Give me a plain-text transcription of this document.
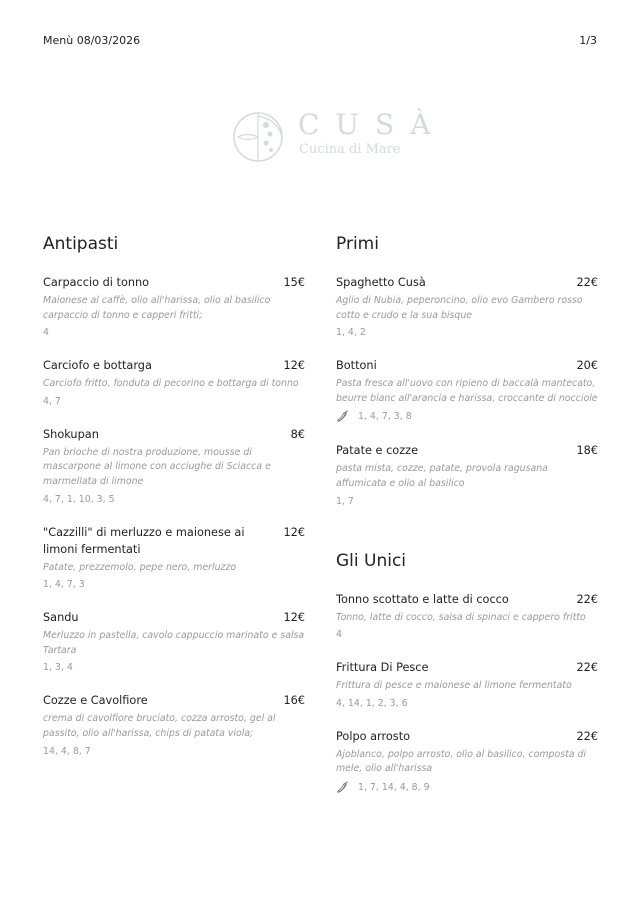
Menù 08/03/2026	1/3
CUSÀ
Cucina di Mare
Antipasti
Carpaccio di tonno	15€
Maionese al caffè, olio all'harissa, olio al basilico carpaccio di tonno e capperi fritti;
4
Carciofo e bottarga	12€
Carciofo fritto, fonduta di pecorino e bottarga di tonno
4, 7
Shokupan	8€
Pan brioche di nostra produzione, mousse di mascarpone al limone con acciughe di Sciacca e marmellata di limone
4, 7, 1, 10, 3, 5
"Cazzilli" di merluzzo e maionese ai limoni fermentati
12€
Patate, prezzemolo, pepe nero, merluzzo
1, 4, 7, 3
Sandu	12€
Merluzzo in pastella, cavolo cappuccio marinato e salsa Tartara
1, 3, 4
Cozze e Cavolfiore	16€
crema di cavolfiore bruciato, cozza arrosto, gel al passito, olio all'harissa, chips di patata viola;
14, 4, 8, 7
Primi
Spaghetto Cusà	22€
Aglio di Nubia, peperoncino, olio evo Gambero rosso cotto e crudo e la sua bisque
1, 4, 2
Bottoni	20€
Pasta fresca all'uovo con ripieno di baccalà mantecato, beurre blanc all'arancia e harissa, croccante di nocciole
1, 4, 7, 3, 8
Patate e cozze	18€
pasta mista, cozze, patate, provola ragusana affumicata e olio al basilico
1, 7
Gli Unici
Tonno scottato e latte di cocco	22€
Tonno, latte di cocco, salsa di spinaci e cappero fritto
4
Frittura Di Pesce	22€
Frittura di pesce e maionese al limone fermentato
4, 14, 1, 2, 3, 6
Polpo arrosto	22€
Ajoblanco, polpo arrosto, olio al basilico, composta di mele, olio all'harissa
1, 7, 14, 4, 8, 9
